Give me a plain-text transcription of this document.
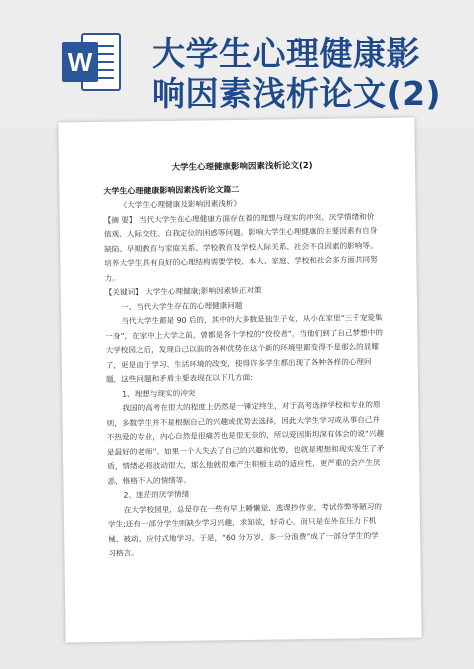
W 大学生心理健康影
响因素浅析论文(2)
大学生心理健康影响因素浅析论文(2)
大学生心理健康影响因素浅析论文篇二

《大学生心理健康及影响因素浅析》

【摘 要】 当代大学生在心理健康方面存在着的理想与现实的冲突、厌学情绪和价值观、人际交往、自我定位的困惑等问题。影响大学生心理健康的主要因素有自身缺陷、早期教育与家庭关系、学校教育及学校人际关系、社会不良因素的影响等。培养大学生具有良好的心理结构需要学校、本人、家庭、学校和社会多方面共同努力。

【关键词】 大学生心理健康;影响因素矫正对策

一、当代大学生存在的心理健康问题

当代大学生都是 90 后的，其中的大多数是独生子女，从小在家里“三千宠爱集一身”，在家中上大学之前，曾都是各个学校的“佼佼者”，当他们到了自己梦想中的大学校园之后，发现自己以前的各种优势在这个新的环境里都变得不是那么的显耀了，更是由于学习、生活环境的改变，使得许多学生都出现了各种各样的心理问题，这些问题和矛盾主要表现在以下几方面:

1、理想与现实的冲突

我国的高考在很大的程度上仍然是一锤定终生，对于高考选择学校和专业的原则，多数学生并不是根据自己的兴趣或优势去选择，因此大学生学习或从事自己并不热爱的专业，内心自然是很痛苦也是很无奈的，所以爱因斯坦深有体会的说“兴趣是最好的老师”。如果一个人失去了自己的兴趣和优势，也就是理想和现实发生了矛盾，情绪必将波动很大，那么他就很难产生积极主动的适应性，更严重的会产生厌恶、格格不入的情绪等。

2、迷茫的厌学情绪

在大学校园里，总是存在一些有早上睡懒觉、逃课抄作业，考试作弊等陋习的学生;还有一部分学生则缺少学习兴趣，求知欲，好奇心，而只是在外在压力下机械、被动、应付式地学习。于是，“60 分万岁，多一分浪费”成了一部分学生的学习格言。
